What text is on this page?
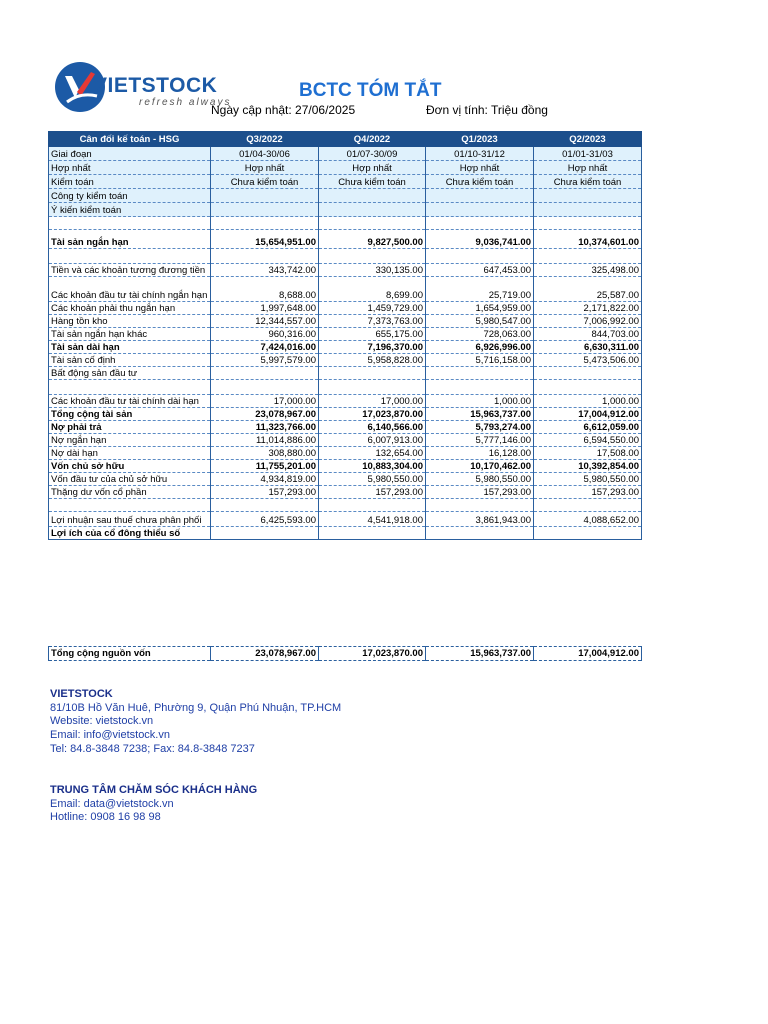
VIETSTOCK
refresh always
BCTC TÓM TẮT
Ngày cập nhật: 27/06/2025	Đơn vị tính: Triệu đồng
Cân đối kế toán - HSG	Q3/2022	Q4/2022	Q1/2023	Q2/2023
Giai đoạn	01/04-30/06	01/07-30/09	01/10-31/12	01/01-31/03
Hợp nhất	Hợp nhất	Hợp nhất	Hợp nhất	Hợp nhất
Kiểm toán	Chưa kiểm toán	Chưa kiểm toán	Chưa kiểm toán	Chưa kiểm toán
Công ty kiểm toán				
Ý kiến kiểm toán				

Tài sản ngắn hạn	15,654,951.00	9,827,500.00	9,036,741.00	10,374,601.00

Tiền và các khoản tương đương tiền	343,742.00	330,135.00	647,453.00	325,498.00
Các khoản đầu tư tài chính ngắn hạn	8,688.00	8,699.00	25,719.00	25,587.00
Các khoản phải thu ngắn hạn	1,997,648.00	1,459,729.00	1,654,959.00	2,171,822.00
Hàng tồn kho	12,344,557.00	7,373,763.00	5,980,547.00	7,006,992.00
Tài sản ngắn hạn khác	960,316.00	655,175.00	728,063.00	844,703.00
Tài sản dài hạn	7,424,016.00	7,196,370.00	6,926,996.00	6,630,311.00
Tài sản cố định	5,997,579.00	5,958,828.00	5,716,158.00	5,473,506.00
Bất động sản đầu tư				

Các khoản đầu tư tài chính dài hạn	17,000.00	17,000.00	1,000.00	1,000.00
Tổng cộng tài sản	23,078,967.00	17,023,870.00	15,963,737.00	17,004,912.00
Nợ phải trả	11,323,766.00	6,140,566.00	5,793,274.00	6,612,059.00
Nợ ngắn hạn	11,014,886.00	6,007,913.00	5,777,146.00	6,594,550.00
Nợ dài hạn	308,880.00	132,654.00	16,128.00	17,508.00
Vốn chủ sở hữu	11,755,201.00	10,883,304.00	10,170,462.00	10,392,854.00
Vốn đầu tư của chủ sở hữu	4,934,819.00	5,980,550.00	5,980,550.00	5,980,550.00
Thặng dư vốn cổ phần	157,293.00	157,293.00	157,293.00	157,293.00

Lợi nhuận sau thuế chưa phân phối	6,425,593.00	4,541,918.00	3,861,943.00	4,088,652.00
Lợi ích của cổ đông thiểu số				
Tổng cộng nguồn vốn	23,078,967.00	17,023,870.00	15,963,737.00	17,004,912.00
VIETSTOCK
81/10B Hồ Văn Huê, Phường 9, Quận Phú Nhuận, TP.HCM
Website: vietstock.vn
Email: info@vietstock.vn
Tel: 84.8-3848 7238; Fax: 84.8-3848 7237
TRUNG TÂM CHĂM SÓC KHÁCH HÀNG
Email: data@vietstock.vn
Hotline: 0908 16 98 98
